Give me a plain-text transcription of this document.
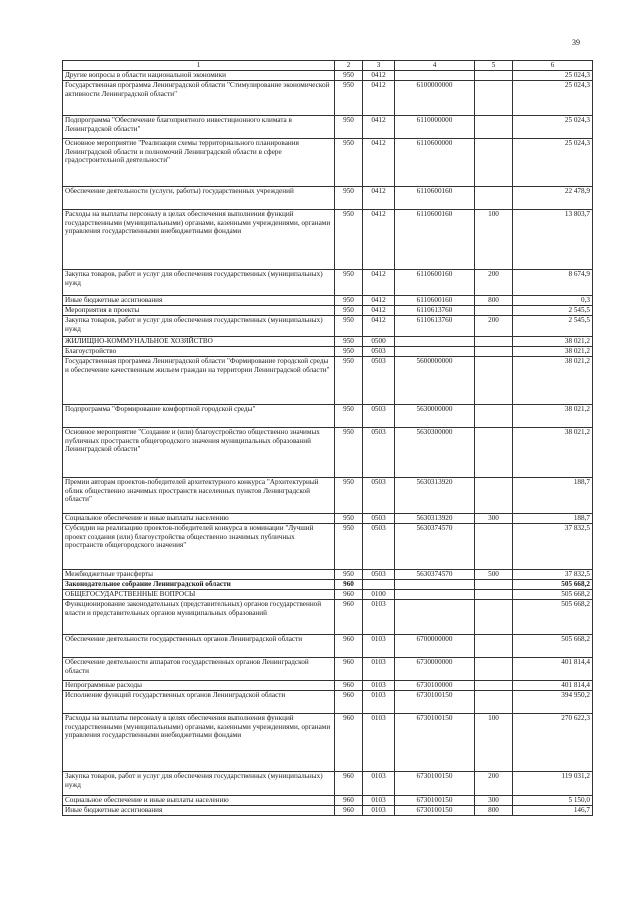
39
1	2	3	4	5	6
Другие вопросы в области национальной экономики	950	0412			25 024,3
Государственная программа Ленинградской области "Стимулирование экономической активности Ленинградской области"	950	0412	6100000000		25 024,3
Подпрограмма "Обеспечение благоприятного инвестиционного климата в Ленинградской области"	950	0412	6110000000		25 024,3
Основное мероприятие "Реализация схемы территориального планирования Ленинградской области и полномочий Ленинградской области в сфере градостроительной деятельности"	950	0412	6110600000		25 024,3
Обеспечение деятельности (услуги, работы) государственных учреждений	950	0412	6110600160		22 478,9
Расходы на выплаты персоналу в целах обеспечения выполнения функций государственными (муниципальными) органами, казенными учреждениями, органами управления государственными внебюджетными фондами	950	0412	6110600160	100	13 803,7
Закупка товаров, работ и услуг для обеспечения государственных (муниципальных) нужд	950	0412	6110600160	200	8 674,9
Иные бюджетные ассигнования	950	0412	6110600160	800	0,3
Мероприятия в проекты	950	0412	6110613760		2 545,5
Закупка товаров, работ и услуг для обеспечения государственных (муниципальных) нужд	950	0412	6110613760	200	2 545,5
ЖИЛИЩНО-КОММУНАЛЬНОЕ ХОЗЯЙСТВО	950	0500			38 021,2
Благоустройство	950	0503			38 021,2
Государственная программа Ленинградской области "Формирование городской среды и обеспечение качественным жильем граждан на территории Ленинградской области"	950	0503	5600000000		38 021,2
Подпрограмма "Формирование комфортной городской среды"	950	0503	5630000000		38 021,2
Основное мероприятие "Создание и (или) благоустройство общественно значимых публичных пространств общегородского значения муниципальных образований Ленинградской области"	950	0503	5630300000		38 021,2
Премии авторам проектов-победителей архитектурного конкурса "Архитектурный облик общественно значимых пространств населенных пунктов Ленинградской области"	950	0503	5630313920		188,7
Социальное обеспечение и иные выплаты населению	950	0503	5630313920	300	188,7
Субсидии на реализацию проектов-победителей конкурса в номинации "Лучший проект создания (или) благоустройства общественно значимых публичных пространств общегородского значения"	950	0503	5630374570		37 832,5
Межбюджетные трансферты	950	0503	5630374570	500	37 832,5
Законодательное собрание Ленинградской области	960				505 668,2
ОБЩЕГОСУДАРСТВЕННЫЕ ВОПРОСЫ	960	0100			505 668,2
Функционирование законодательных (представительных) органов государственной власти и представительных органов муниципальных образований	960	0103			505 668,2
Обеспечение деятельности государственных органов Ленинградской области	960	0103	6700000000		505 668,2
Обеспечение деятельности аппаратов государственных органов Ленинградской области	960	0103	6730000000		401 814,4
Непрограммные расходы	960	0103	6730100000		401 814,4
Исполнение функций государственных органов Ленинградской области	960	0103	6730100150		394 950,2
Расходы на выплаты персоналу в целях обеспечения выполнения функций государственными (муниципальными) органами, казенными учреждениями, органами управления государственными внебюджетными фондами	960	0103	6730100150	100	270 622,3
Закупка товаров, работ и услуг для обеспечения государственных (муниципальных) нужд	960	0103	6730100150	200	119 031,2
Социальное обеспечение и иные выплаты населению	960	0103	6730100150	300	5 150,0
Иные бюджетные ассигнования	960	0103	6730100150	800	146,7
